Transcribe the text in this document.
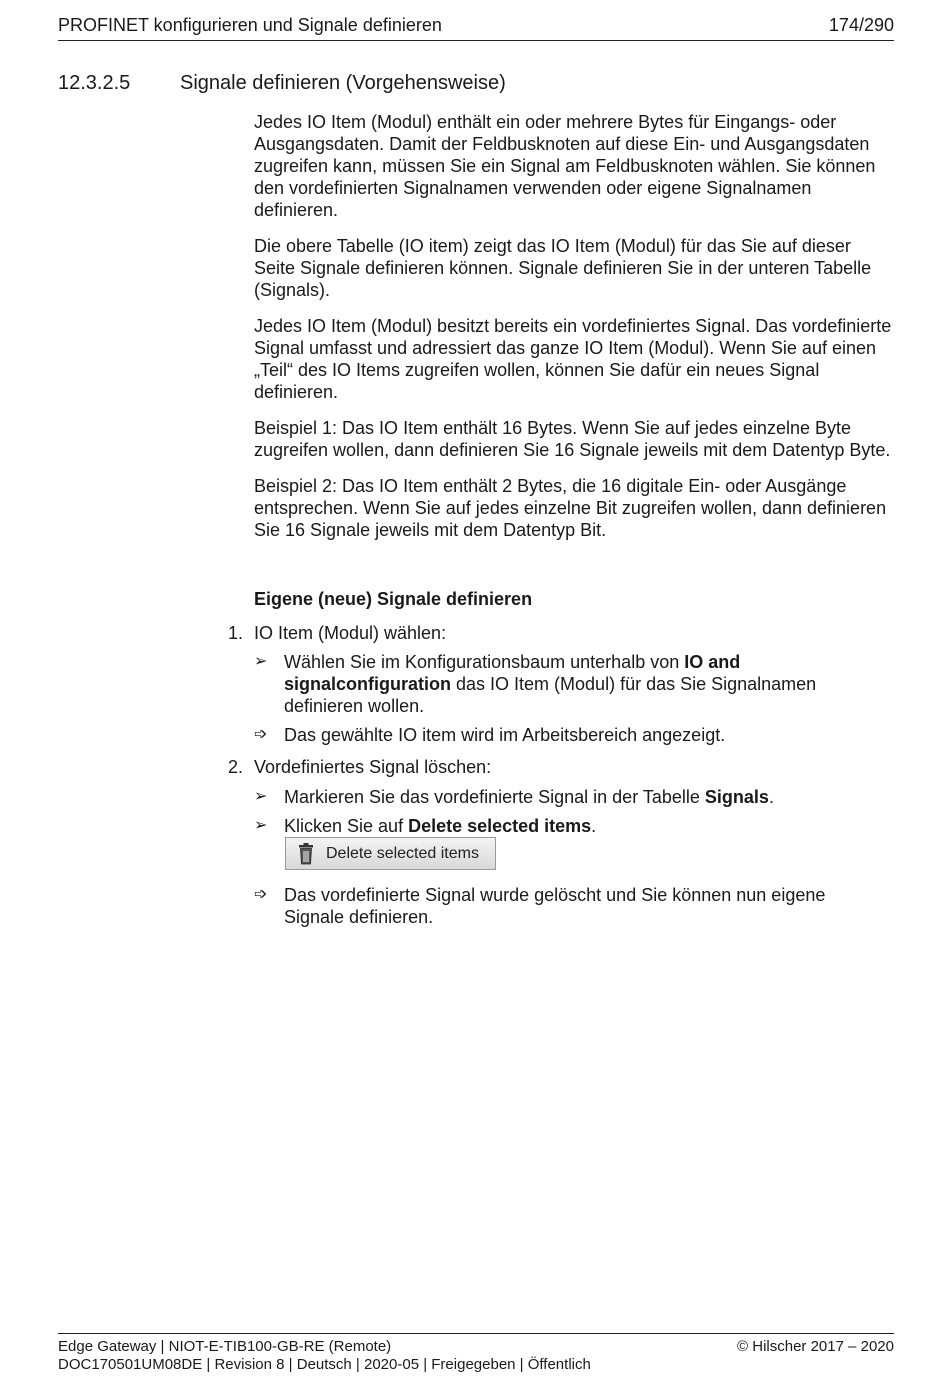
PROFINET konfigurieren und Signale definieren	174/290
12.3.2.5 Signale definieren (Vorgehensweise)

Jedes IO Item (Modul) enthält ein oder mehrere Bytes für Eingangs- oder Ausgangsdaten. Damit der Feldbusknoten auf diese Ein- und Ausgangsdaten zugreifen kann, müssen Sie ein Signal am Feldbusknoten wählen. Sie können den vordefinierten Signalnamen verwenden oder eigene Signalnamen definieren.

Die obere Tabelle (IO item) zeigt das IO Item (Modul) für das Sie auf dieser Seite Signale definieren können. Signale definieren Sie in der unteren Tabelle (Signals).

Jedes IO Item (Modul) besitzt bereits ein vordefiniertes Signal. Das vordefinierte Signal umfasst und adressiert das ganze IO Item (Modul). Wenn Sie auf einen „Teil“ des IO Items zugreifen wollen, können Sie dafür ein neues Signal definieren.

Beispiel 1: Das IO Item enthält 16 Bytes. Wenn Sie auf jedes einzelne Byte zugreifen wollen, dann definieren Sie 16 Signale jeweils mit dem Datentyp Byte.

Beispiel 2: Das IO Item enthält 2 Bytes, die 16 digitale Ein- oder Ausgänge entsprechen. Wenn Sie auf jedes einzelne Bit zugreifen wollen, dann definieren Sie 16 Signale jeweils mit dem Datentyp Bit.

Eigene (neue) Signale definieren
1. IO Item (Modul) wählen:
➢ Wählen Sie im Konfigurationsbaum unterhalb von IO and signalconfiguration das IO Item (Modul) für das Sie Signalnamen definieren wollen.
➩ Das gewählte IO item wird im Arbeitsbereich angezeigt.
2. Vordefiniertes Signal löschen:
➢ Markieren Sie das vordefinierte Signal in der Tabelle Signals.
➢ Klicken Sie auf Delete selected items.
Delete selected items
➩ Das vordefinierte Signal wurde gelöscht und Sie können nun eigene Signale definieren.
Edge Gateway | NIOT-E-TIB100-GB-RE (Remote)
DOC170501UM08DE | Revision 8 | Deutsch | 2020-05 | Freigegeben | Öffentlich
© Hilscher 2017 – 2020
